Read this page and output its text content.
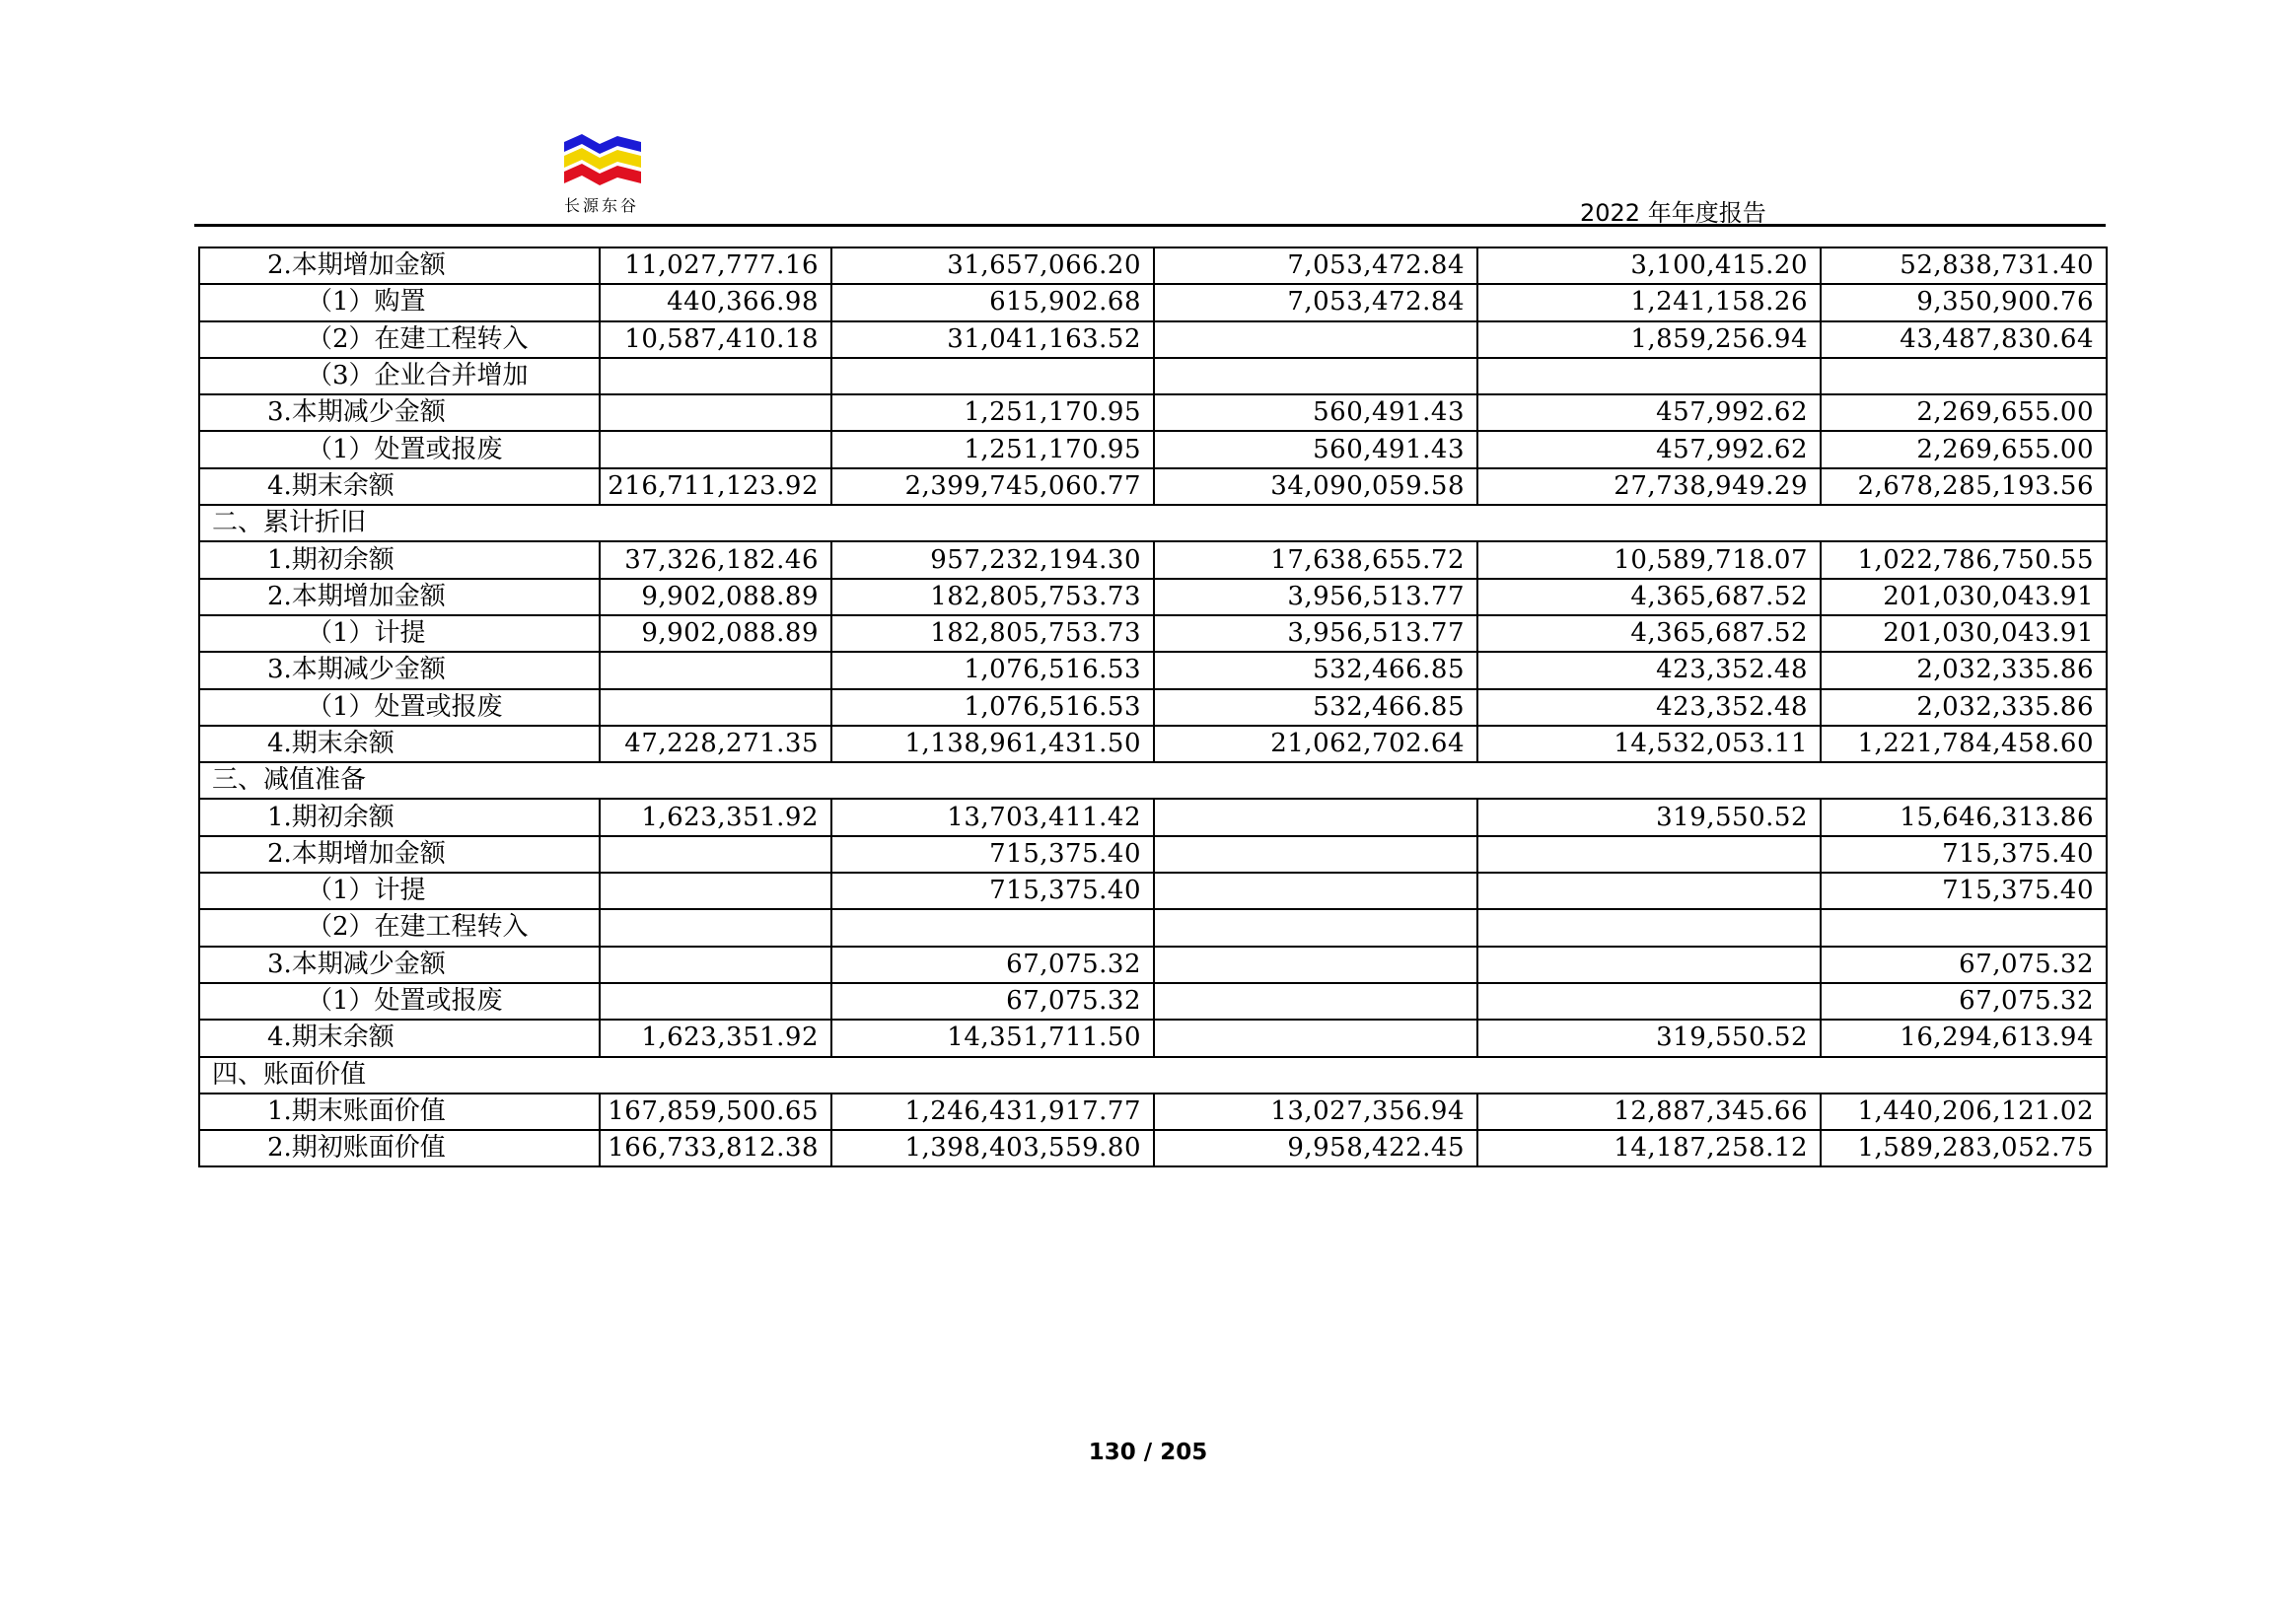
长源东谷	2022 年年度报告
2.本期增加金额	11,027,777.16	31,657,066.20	7,053,472.84	3,100,415.20	52,838,731.40
（1）购置	440,366.98	615,902.68	7,053,472.84	1,241,158.26	9,350,900.76
（2）在建工程转入	10,587,410.18	31,041,163.52		1,859,256.94	43,487,830.64
（3）企业合并增加					
3.本期减少金额		1,251,170.95	560,491.43	457,992.62	2,269,655.00
（1）处置或报废		1,251,170.95	560,491.43	457,992.62	2,269,655.00
4.期末余额	216,711,123.92	2,399,745,060.77	34,090,059.58	27,738,949.29	2,678,285,193.56
二、累计折旧					
1.期初余额	37,326,182.46	957,232,194.30	17,638,655.72	10,589,718.07	1,022,786,750.55
2.本期增加金额	9,902,088.89	182,805,753.73	3,956,513.77	4,365,687.52	201,030,043.91
（1）计提	9,902,088.89	182,805,753.73	3,956,513.77	4,365,687.52	201,030,043.91
3.本期减少金额		1,076,516.53	532,466.85	423,352.48	2,032,335.86
（1）处置或报废		1,076,516.53	532,466.85	423,352.48	2,032,335.86
4.期末余额	47,228,271.35	1,138,961,431.50	21,062,702.64	14,532,053.11	1,221,784,458.60
三、减值准备					
1.期初余额	1,623,351.92	13,703,411.42		319,550.52	15,646,313.86
2.本期增加金额		715,375.40			715,375.40
（1）计提		715,375.40			715,375.40
（2）在建工程转入					
3.本期减少金额		67,075.32			67,075.32
（1）处置或报废		67,075.32			67,075.32
4.期末余额	1,623,351.92	14,351,711.50		319,550.52	16,294,613.94
四、账面价值					
1.期末账面价值	167,859,500.65	1,246,431,917.77	13,027,356.94	12,887,345.66	1,440,206,121.02
2.期初账面价值	166,733,812.38	1,398,403,559.80	9,958,422.45	14,187,258.12	1,589,283,052.75
130 / 205
